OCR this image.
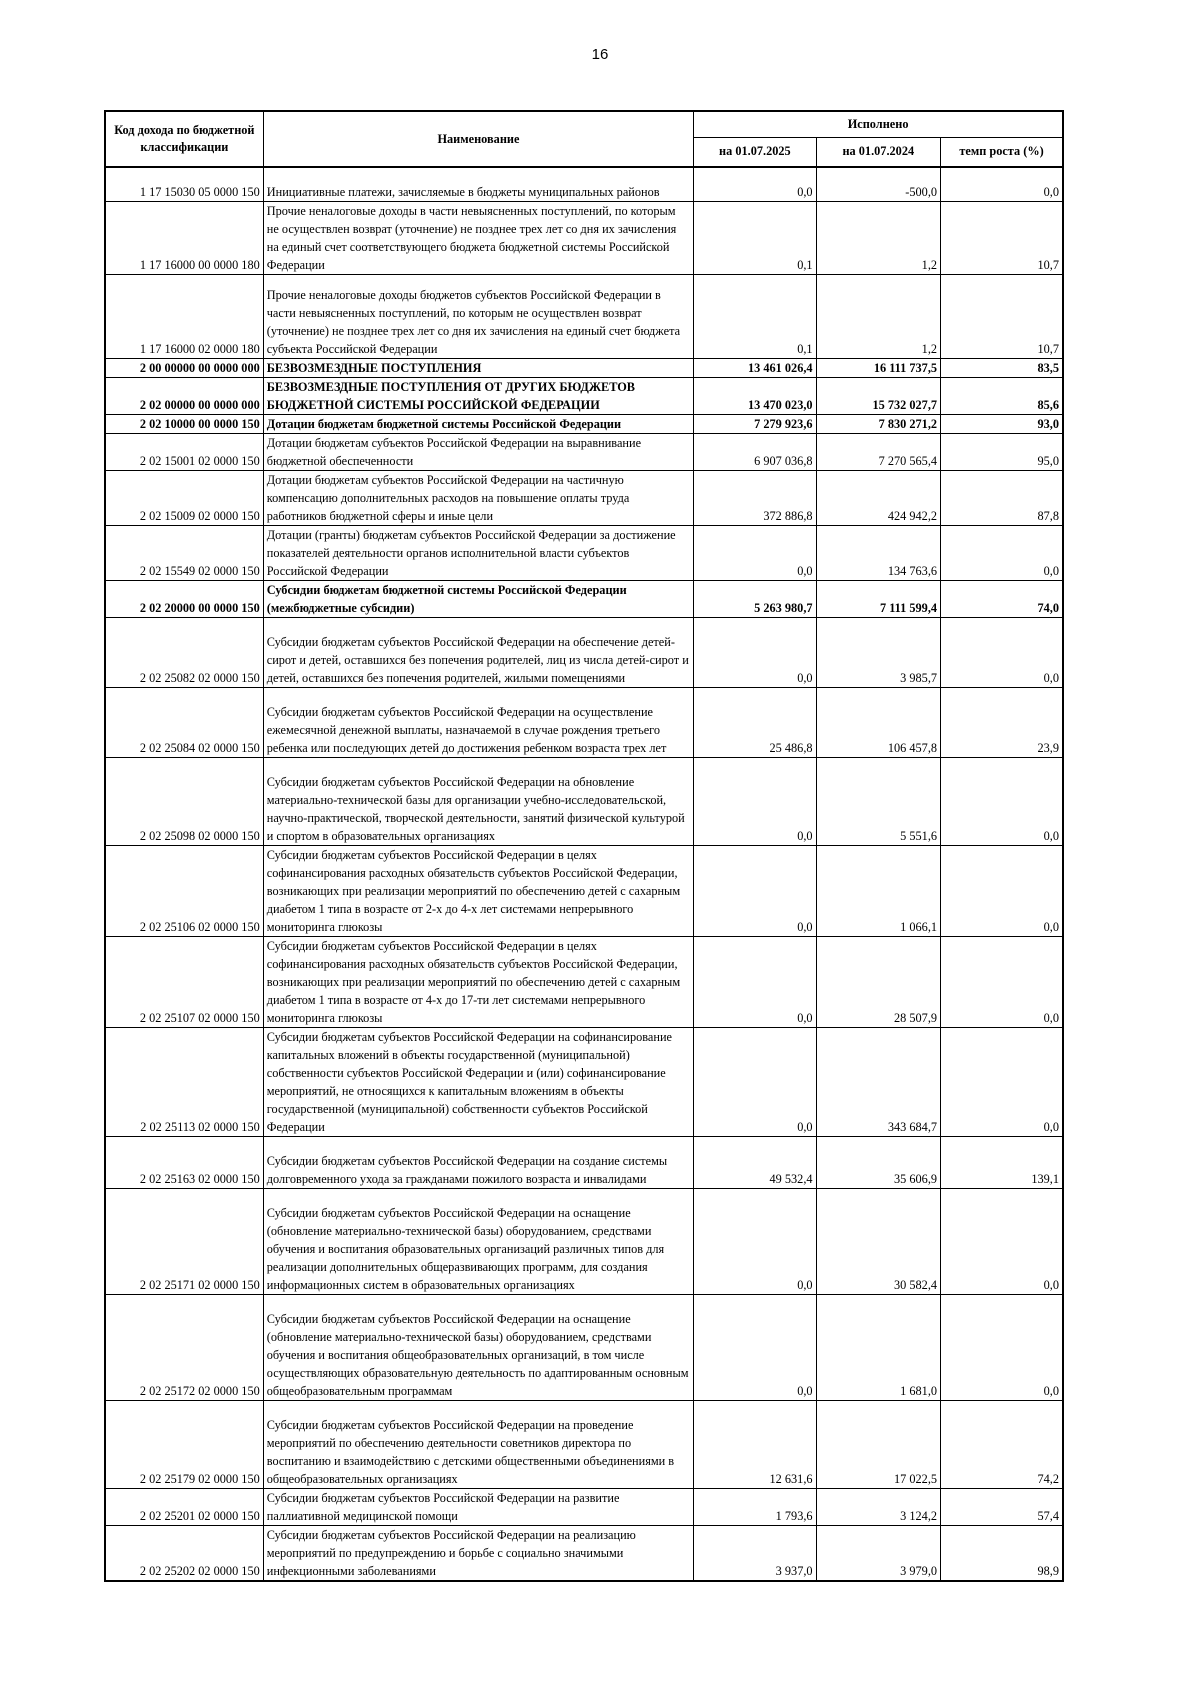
16
Код дохода по бюджетной классификации	Наименование	Исполнено		
		на 01.07.2025	на 01.07.2024	темп роста (%)
1 17 15030 05 0000 150	Инициативные платежи, зачисляемые в бюджеты муниципальных районов	0,0	-500,0	0,0
1 17 16000 00 0000 180	Прочие неналоговые доходы в части невыясненных поступлений, по которым не осуществлен возврат (уточнение) не позднее трех лет со дня их зачисления на единый счет соответствующего бюджета бюджетной системы Российской Федерации	0,1	1,2	10,7
1 17 16000 02 0000 180	Прочие неналоговые доходы бюджетов субъектов Российской Федерации в части невыясненных поступлений, по которым не осуществлен возврат (уточнение) не позднее трех лет со дня их зачисления на единый счет бюджета субъекта Российской Федерации	0,1	1,2	10,7
2 00 00000 00 0000 000	БЕЗВОЗМЕЗДНЫЕ ПОСТУПЛЕНИЯ	13 461 026,4	16 111 737,5	83,5
2 02 00000 00 0000 000	БЕЗВОЗМЕЗДНЫЕ ПОСТУПЛЕНИЯ ОТ ДРУГИХ БЮДЖЕТОВ БЮДЖЕТНОЙ СИСТЕМЫ РОССИЙСКОЙ ФЕДЕРАЦИИ	13 470 023,0	15 732 027,7	85,6
2 02 10000 00 0000 150	Дотации бюджетам бюджетной системы Российской Федерации	7 279 923,6	7 830 271,2	93,0
2 02 15001 02 0000 150	Дотации бюджетам субъектов Российской Федерации на выравнивание бюджетной обеспеченности	6 907 036,8	7 270 565,4	95,0
2 02 15009 02 0000 150	Дотации бюджетам субъектов Российской Федерации на частичную компенсацию дополнительных расходов на повышение оплаты труда работников бюджетной сферы и иные цели	372 886,8	424 942,2	87,8
2 02 15549 02 0000 150	Дотации (гранты) бюджетам субъектов Российской Федерации за достижение показателей деятельности органов исполнительной власти субъектов Российской Федерации	0,0	134 763,6	0,0
2 02 20000 00 0000 150	Субсидии бюджетам бюджетной системы Российской Федерации (межбюджетные субсидии)	5 263 980,7	7 111 599,4	74,0
2 02 25082 02 0000 150	Субсидии бюджетам субъектов Российской Федерации на обеспечение детей-сирот и детей, оставшихся без попечения родителей, лиц из числа детей-сирот и детей, оставшихся без попечения родителей, жилыми помещениями	0,0	3 985,7	0,0
2 02 25084 02 0000 150	Субсидии бюджетам субъектов Российской Федерации на осуществление ежемесячной денежной выплаты, назначаемой в случае рождения третьего ребенка или последующих детей до достижения ребенком возраста трех лет	25 486,8	106 457,8	23,9
2 02 25098 02 0000 150	Субсидии бюджетам субъектов Российской Федерации на обновление материально-технической базы для организации учебно-исследовательской, научно-практической, творческой деятельности, занятий физической культурой и спортом в образовательных организациях	0,0	5 551,6	0,0
2 02 25106 02 0000 150	Субсидии бюджетам субъектов Российской Федерации в целях софинансирования расходных обязательств субъектов Российской Федерации, возникающих при реализации мероприятий по обеспечению детей с сахарным диабетом 1 типа в возрасте от 2-х до 4-х лет системами непрерывного мониторинга глюкозы	0,0	1 066,1	0,0
2 02 25107 02 0000 150	Субсидии бюджетам субъектов Российской Федерации в целях софинансирования расходных обязательств субъектов Российской Федерации, возникающих при реализации мероприятий по обеспечению детей с сахарным диабетом 1 типа в возрасте от 4-х до 17-ти лет системами непрерывного мониторинга глюкозы	0,0	28 507,9	0,0
2 02 25113 02 0000 150	Субсидии бюджетам субъектов Российской Федерации на софинансирование капитальных вложений в объекты государственной (муниципальной) собственности субъектов Российской Федерации и (или) софинансирование мероприятий, не относящихся к капитальным вложениям в объекты государственной (муниципальной) собственности субъектов Российской Федерации	0,0	343 684,7	0,0
2 02 25163 02 0000 150	Субсидии бюджетам субъектов Российской Федерации на создание системы долговременного ухода за гражданами пожилого возраста и инвалидами	49 532,4	35 606,9	139,1
2 02 25171 02 0000 150	Субсидии бюджетам субъектов Российской Федерации на оснащение (обновление материально-технической базы) оборудованием, средствами обучения и воспитания образовательных организаций различных типов для реализации дополнительных общеразвивающих программ, для создания информационных систем в образовательных организациях	0,0	30 582,4	0,0
2 02 25172 02 0000 150	Субсидии бюджетам субъектов Российской Федерации на оснащение (обновление материально-технической базы) оборудованием, средствами обучения и воспитания общеобразовательных организаций, в том числе осуществляющих образовательную деятельность по адаптированным основным общеобразовательным программам	0,0	1 681,0	0,0
2 02 25179 02 0000 150	Субсидии бюджетам субъектов Российской Федерации на проведение мероприятий по обеспечению деятельности советников директора по воспитанию и взаимодействию с детскими общественными объединениями в общеобразовательных организациях	12 631,6	17 022,5	74,2
2 02 25201 02 0000 150	Субсидии бюджетам субъектов Российской Федерации на развитие паллиативной медицинской помощи	1 793,6	3 124,2	57,4
2 02 25202 02 0000 150	Субсидии бюджетам субъектов Российской Федерации на реализацию мероприятий по предупреждению и борьбе с социально значимыми инфекционными заболеваниями	3 937,0	3 979,0	98,9
